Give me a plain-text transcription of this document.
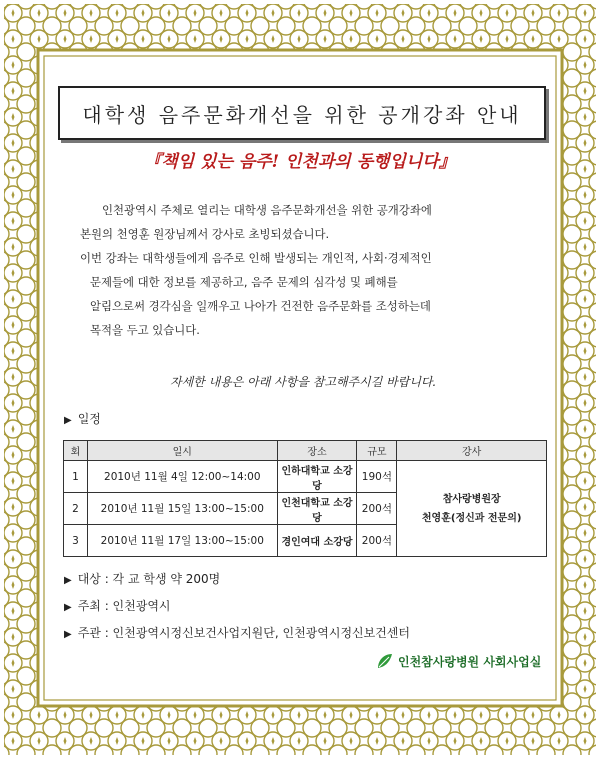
대학생 음주문화개선을 위한 공개강좌 안내
『책임 있는 음주! 인천과의 동행입니다』

인천광역시 주체로 열리는 대학생 음주문화개선을 위한 공개강좌에

본원의 천영훈 원장님께서 강사로 초빙되셨습니다.

이번 강좌는 대학생들에게 음주로 인해 발생되는 개인적, 사회·경제적인

문제들에 대한 정보를 제공하고, 음주 문제의 심각성 및 폐해를

알림으로써 경각심을 일깨우고 나아가 건전한 음주문화를 조성하는데

목적을 두고 있습니다.

자세한 내용은 아래 사항을 참고해주시길 바랍니다.
▶ 일정
회	일시	장소	규모	강사
1	2010년 11월 4일 12:00~14:00	인하대학교 소강당	190석	참사랑병원장
천영훈(정신과 전문의)

2	2010년 11월 15일 13:00~15:00	인천대학교 소강당	200석	
3	2010년 11월 17일 13:00~15:00	경인여대 소강당	200석	
▶ 대상 : 각 교 학생 약 200명
▶ 주최 : 인천광역시
▶ 주관 : 인천광역시정신보건사업지원단, 인천광역시정신보건센터
인천참사랑병원 사회사업실
